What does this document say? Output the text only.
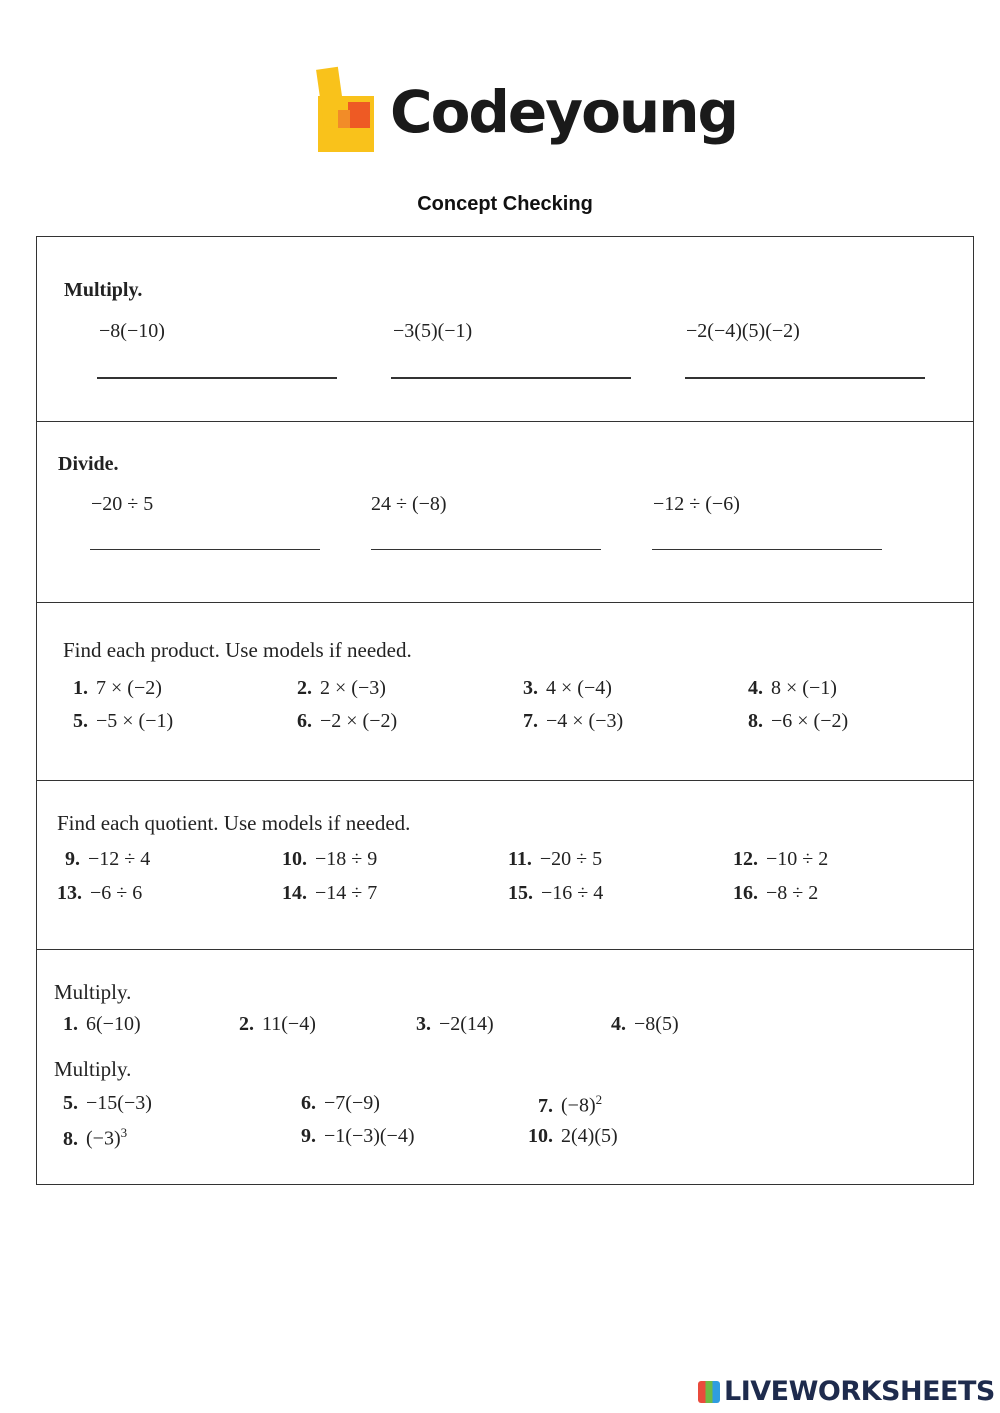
Codeyoung
Concept Checking
Multiply.
−8(−10)	−3(5)(−1)	−2(−4)(5)(−2)
Divide.
−20 ÷ 5	24 ÷ (−8)	−12 ÷ (−6)
Find each product. Use models if needed.
1. 7 × (−2)	2. 2 × (−3)	3. 4 × (−4)	4. 8 × (−1)
5. −5 × (−1)	6. −2 × (−2)	7. −4 × (−3)	8. −6 × (−2)
Find each quotient. Use models if needed.
9. −12 ÷ 4	10. −18 ÷ 9	11. −20 ÷ 5	12. −10 ÷ 2
13. −6 ÷ 6	14. −14 ÷ 7	15. −16 ÷ 4	16. −8 ÷ 2
Multiply.
1. 6(−10)	2. 11(−4)	3. −2(14)	4. −8(5)
Multiply.
5. −15(−3)	6. −7(−9)	7. $(-8)^2$
8. $(-3)^3$	9. −1(−3)(−4)	10. 2(4)(5)
LIVEWORKSHEETS
